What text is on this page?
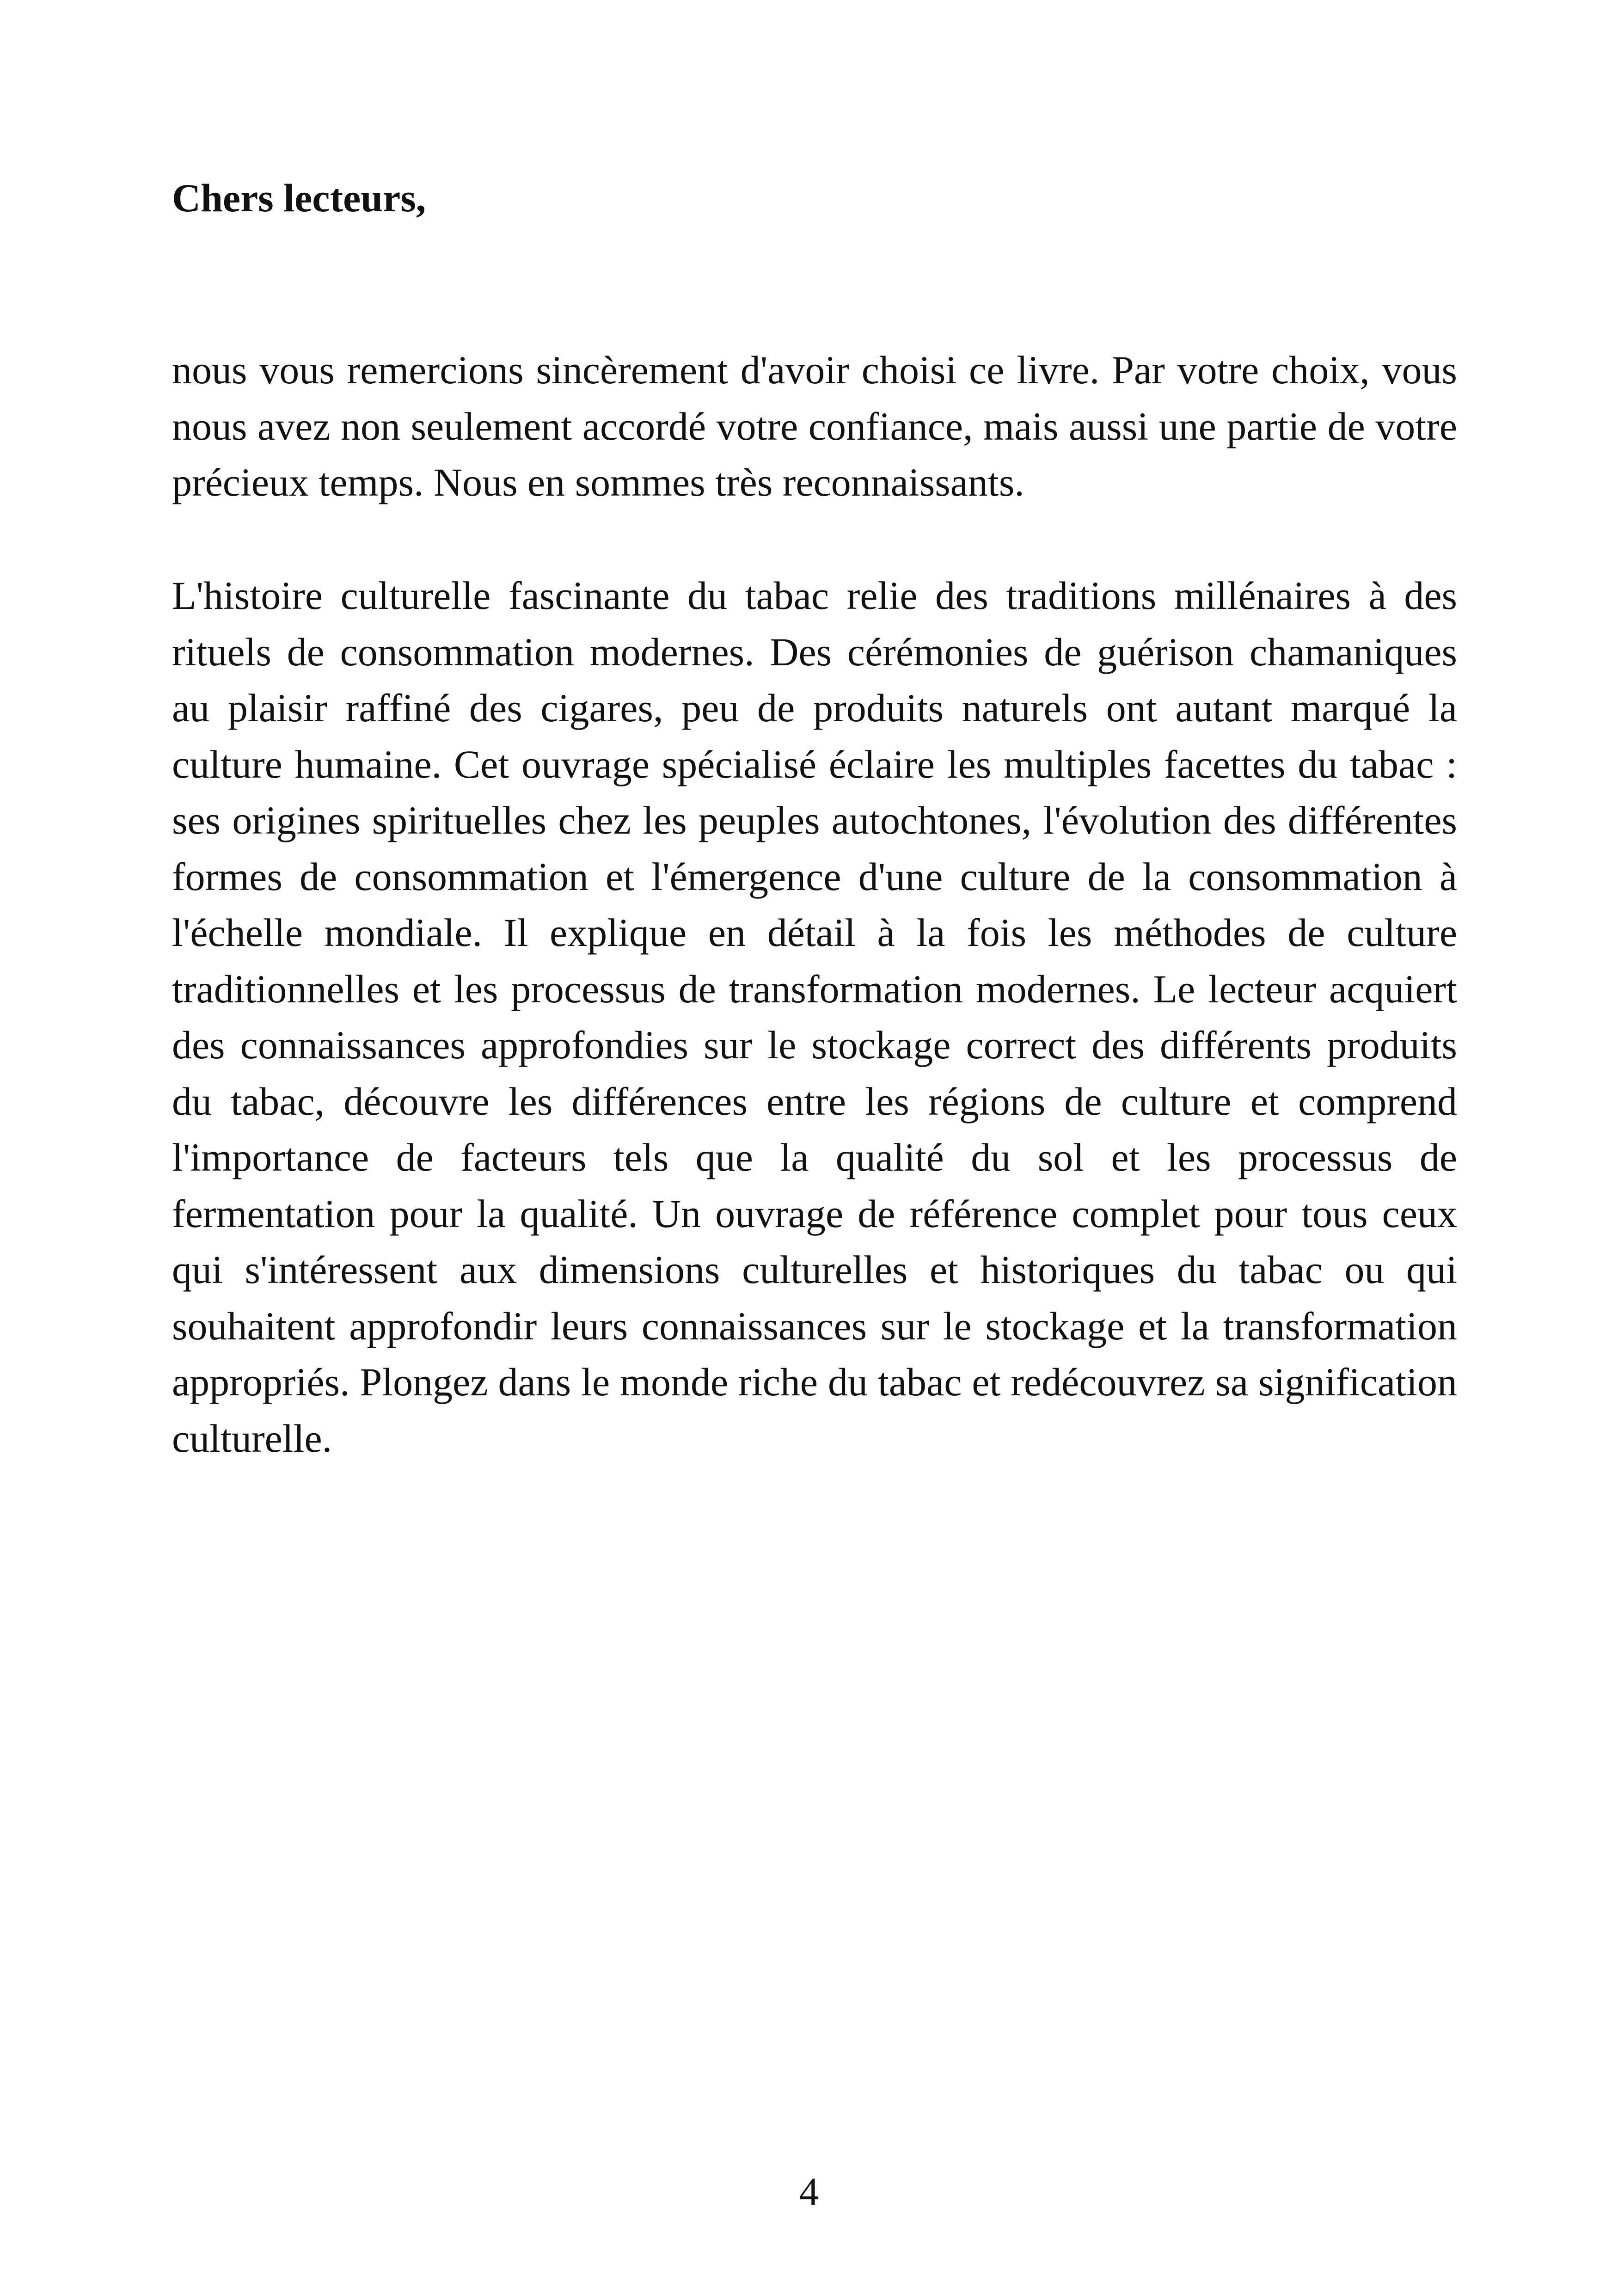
Chers lecteurs,

nous vous remercions sincèrement d'avoir choisi ce livre. Par votre choix, vous nous avez non seulement accordé votre confiance, mais aussi une partie de votre précieux temps. Nous en sommes très reconnaissants.

L'histoire culturelle fascinante du tabac relie des traditions millénaires à des rituels de consommation modernes. Des cérémonies de guérison chamaniques au plaisir raffiné des cigares, peu de produits naturels ont autant marqué la culture humaine. Cet ouvrage spécialisé éclaire les multiples facettes du tabac : ses origines spirituelles chez les peuples autochtones, l'évolution des différentes formes de consommation et l'émergence d'une culture de la consommation à l'échelle mondiale. Il explique en détail à la fois les méthodes de culture traditionnelles et les processus de transformation modernes. Le lecteur acquiert des connaissances approfondies sur le stockage correct des différents produits du tabac, découvre les différences entre les régions de culture et comprend l'importance de facteurs tels que la qualité du sol et les processus de fermentation pour la qualité. Un ouvrage de référence complet pour tous ceux qui s'intéressent aux dimensions culturelles et historiques du tabac ou qui souhaitent approfondir leurs connaissances sur le stockage et la transformation appropriés. Plongez dans le monde riche du tabac et redécouvrez sa signification culturelle.

4
